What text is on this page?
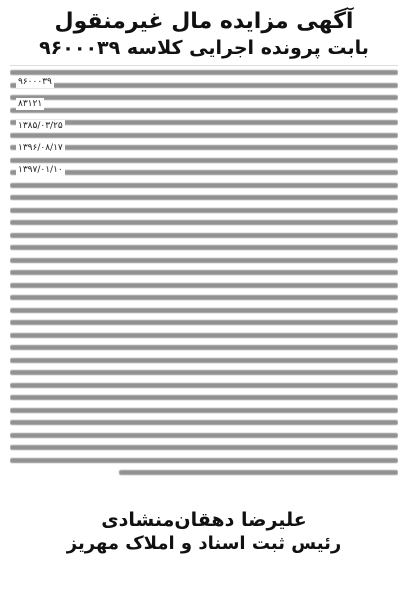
آگهی مزایده مال غیرمنقول
بابت پرونده اجرایی کلاسه ۹۶۰۰۰۳۹
۹۶۰۰۰۳۹
۸۳۱۲۱
۱۳۸۵/۰۳/۲۵
۱۳۹۶/۰۸/۱۷
۱۳۹۷/۰۱/۱۰
علیرضا دهقان‌منشادی
رئیس ثبت اسناد و املاک مهریز
